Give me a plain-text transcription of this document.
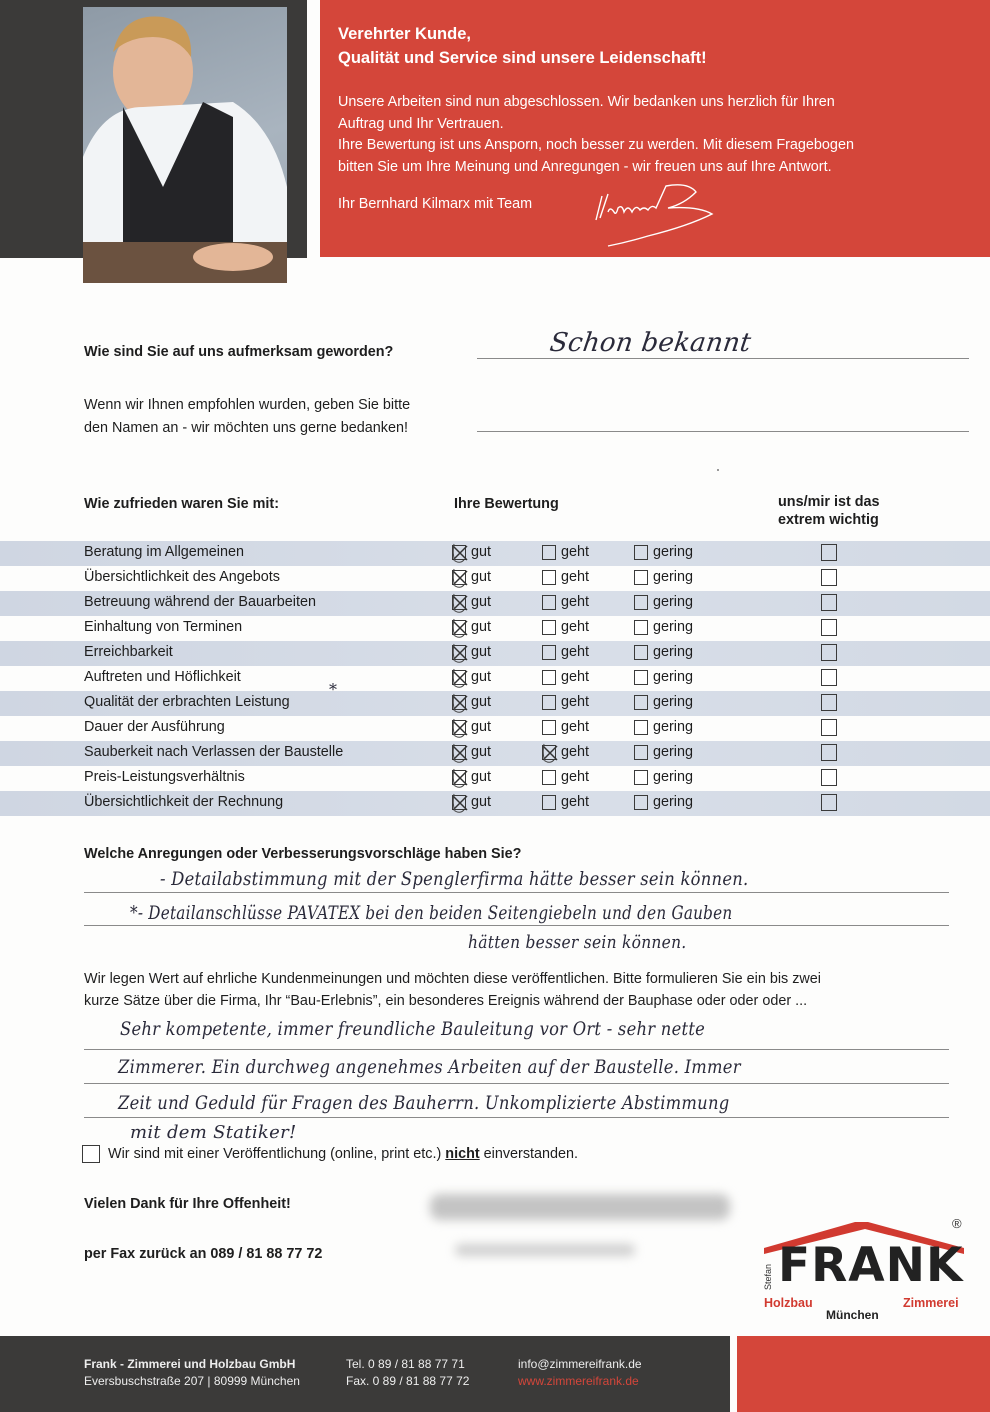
Verehrter Kunde,
Qualität und Service sind unsere Leidenschaft!
Unsere Arbeiten sind nun abgeschlossen. Wir bedanken uns herzlich für Ihren
Auftrag und Ihr Vertrauen.
Ihre Bewertung ist uns Ansporn, noch besser zu werden. Mit diesem Fragebogen
bitten Sie um Ihre Meinung und Anregungen - wir freuen uns auf Ihre Antwort.
Ihr Bernhard Kilmarx mit Team
Wie sind Sie auf uns aufmerksam geworden?	Schon bekannt
Wenn wir Ihnen empfohlen wurden, geben Sie bitte
den Namen an - wir möchten uns gerne bedanken!
Wie zufrieden waren Sie mit:	Ihre Bewertung	uns/mir ist das
extrem wichtig
Beratung im Allgemeinen	gut	geht	gering
Übersichtlichkeit des Angebots	gut	geht	gering
Betreuung während der Bauarbeiten	gut	geht	gering
Einhaltung von Terminen	gut	geht	gering
Erreichbarkeit	gut	geht	gering
Auftreten und Höflichkeit	gut	geht	gering
Qualität der erbrachten Leistung	gut	geht	gering
Dauer der Ausführung	gut	geht	gering
Sauberkeit nach Verlassen der Baustelle	gut	geht	gering
Preis-Leistungsverhältnis	gut	geht	gering
Übersichtlichkeit der Rechnung	gut	geht	gering
*
Welche Anregungen oder Verbesserungsvorschläge haben Sie?
- Detailabstimmung mit der Spenglerfirma hätte besser sein können.
*- Detailanschlüsse PAVATEX bei den beiden Seitengiebeln und den Gauben
hätten besser sein können.
Wir legen Wert auf ehrliche Kundenmeinungen und möchten diese veröffentlichen. Bitte formulieren Sie ein bis zwei
kurze Sätze über die Firma, Ihr “Bau-Erlebnis”, ein besonderes Ereignis während der Bauphase oder oder oder ...
Sehr kompetente, immer freundliche Bauleitung vor Ort - sehr nette
Zimmerer. Ein durchweg angenehmes Arbeiten auf der Baustelle. Immer
Zeit und Geduld für Fragen des Bauherrn. Unkomplizierte Abstimmung
mit dem Statiker!
Wir sind mit einer Veröffentlichung (online, print etc.) nicht einverstanden.
Vielen Dank für Ihre Offenheit!
per Fax zurück an 089 / 81 88 77 72
®
Stefan FRANK
Holzbau	Zimmerei
München
Frank - Zimmerei und Holzbau GmbH
Eversbuschstraße 207 | 80999 München
Tel. 0 89 / 81 88 77 71
Fax. 0 89 / 81 88 77 72
info@zimmereifrank.de
www.zimmereifrank.de
